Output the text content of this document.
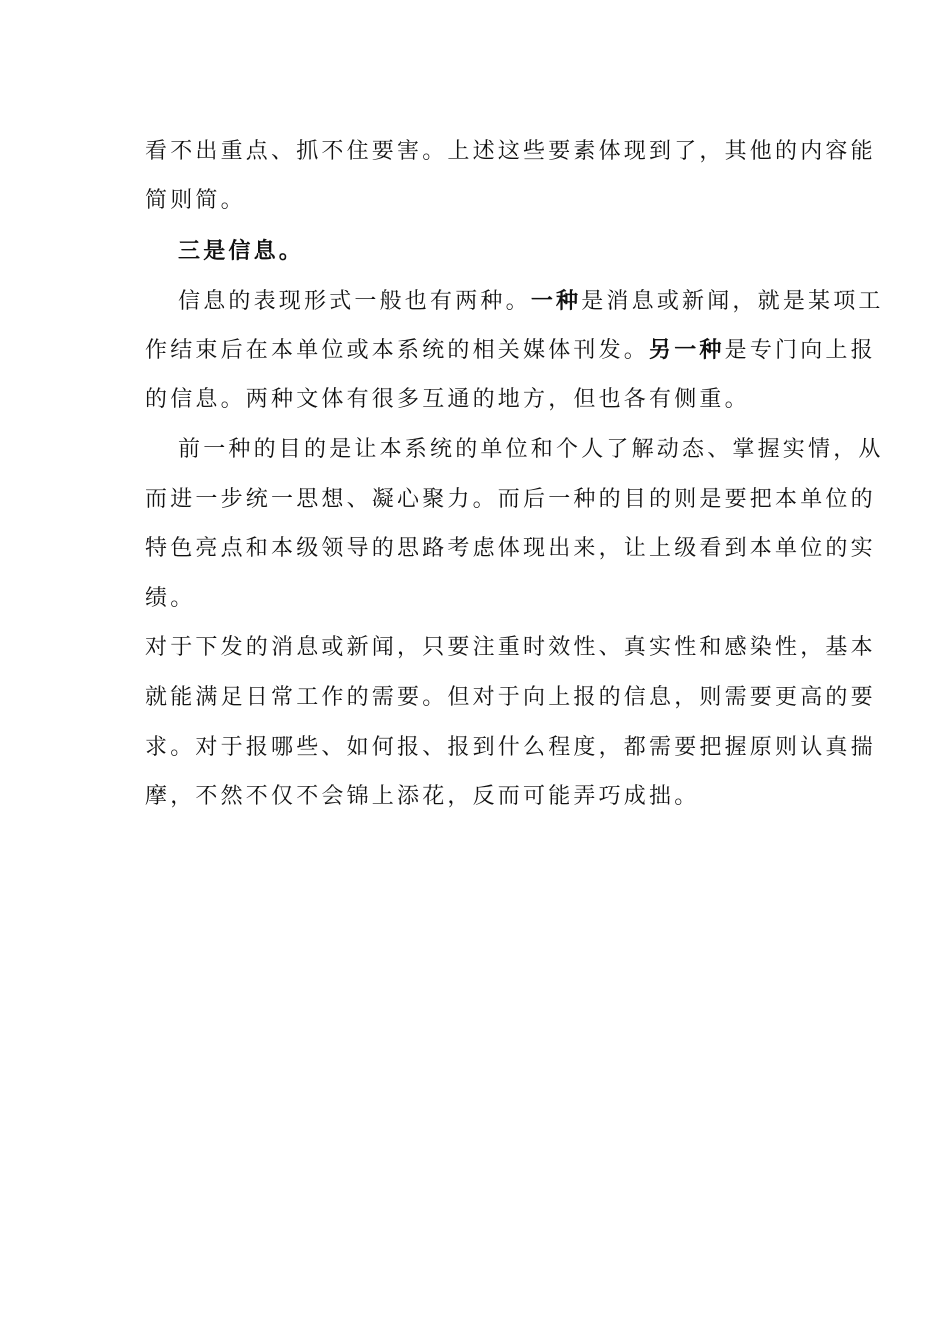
看不出重点、抓不住要害。上述这些要素体现到了，其他的内容能
简则简。
三是信息。
信息的表现形式一般也有两种。一种是消息或新闻，就是某项工
作结束后在本单位或本系统的相关媒体刊发。另一种是专门向上报
的信息。两种文体有很多互通的地方，但也各有侧重。
前一种的目的是让本系统的单位和个人了解动态、掌握实情，从
而进一步统一思想、凝心聚力。而后一种的目的则是要把本单位的
特色亮点和本级领导的思路考虑体现出来，让上级看到本单位的实
绩。
对于下发的消息或新闻，只要注重时效性、真实性和感染性，基本
就能满足日常工作的需要。但对于向上报的信息，则需要更高的要
求。对于报哪些、如何报、报到什么程度，都需要把握原则认真揣
摩，不然不仅不会锦上添花，反而可能弄巧成拙。
